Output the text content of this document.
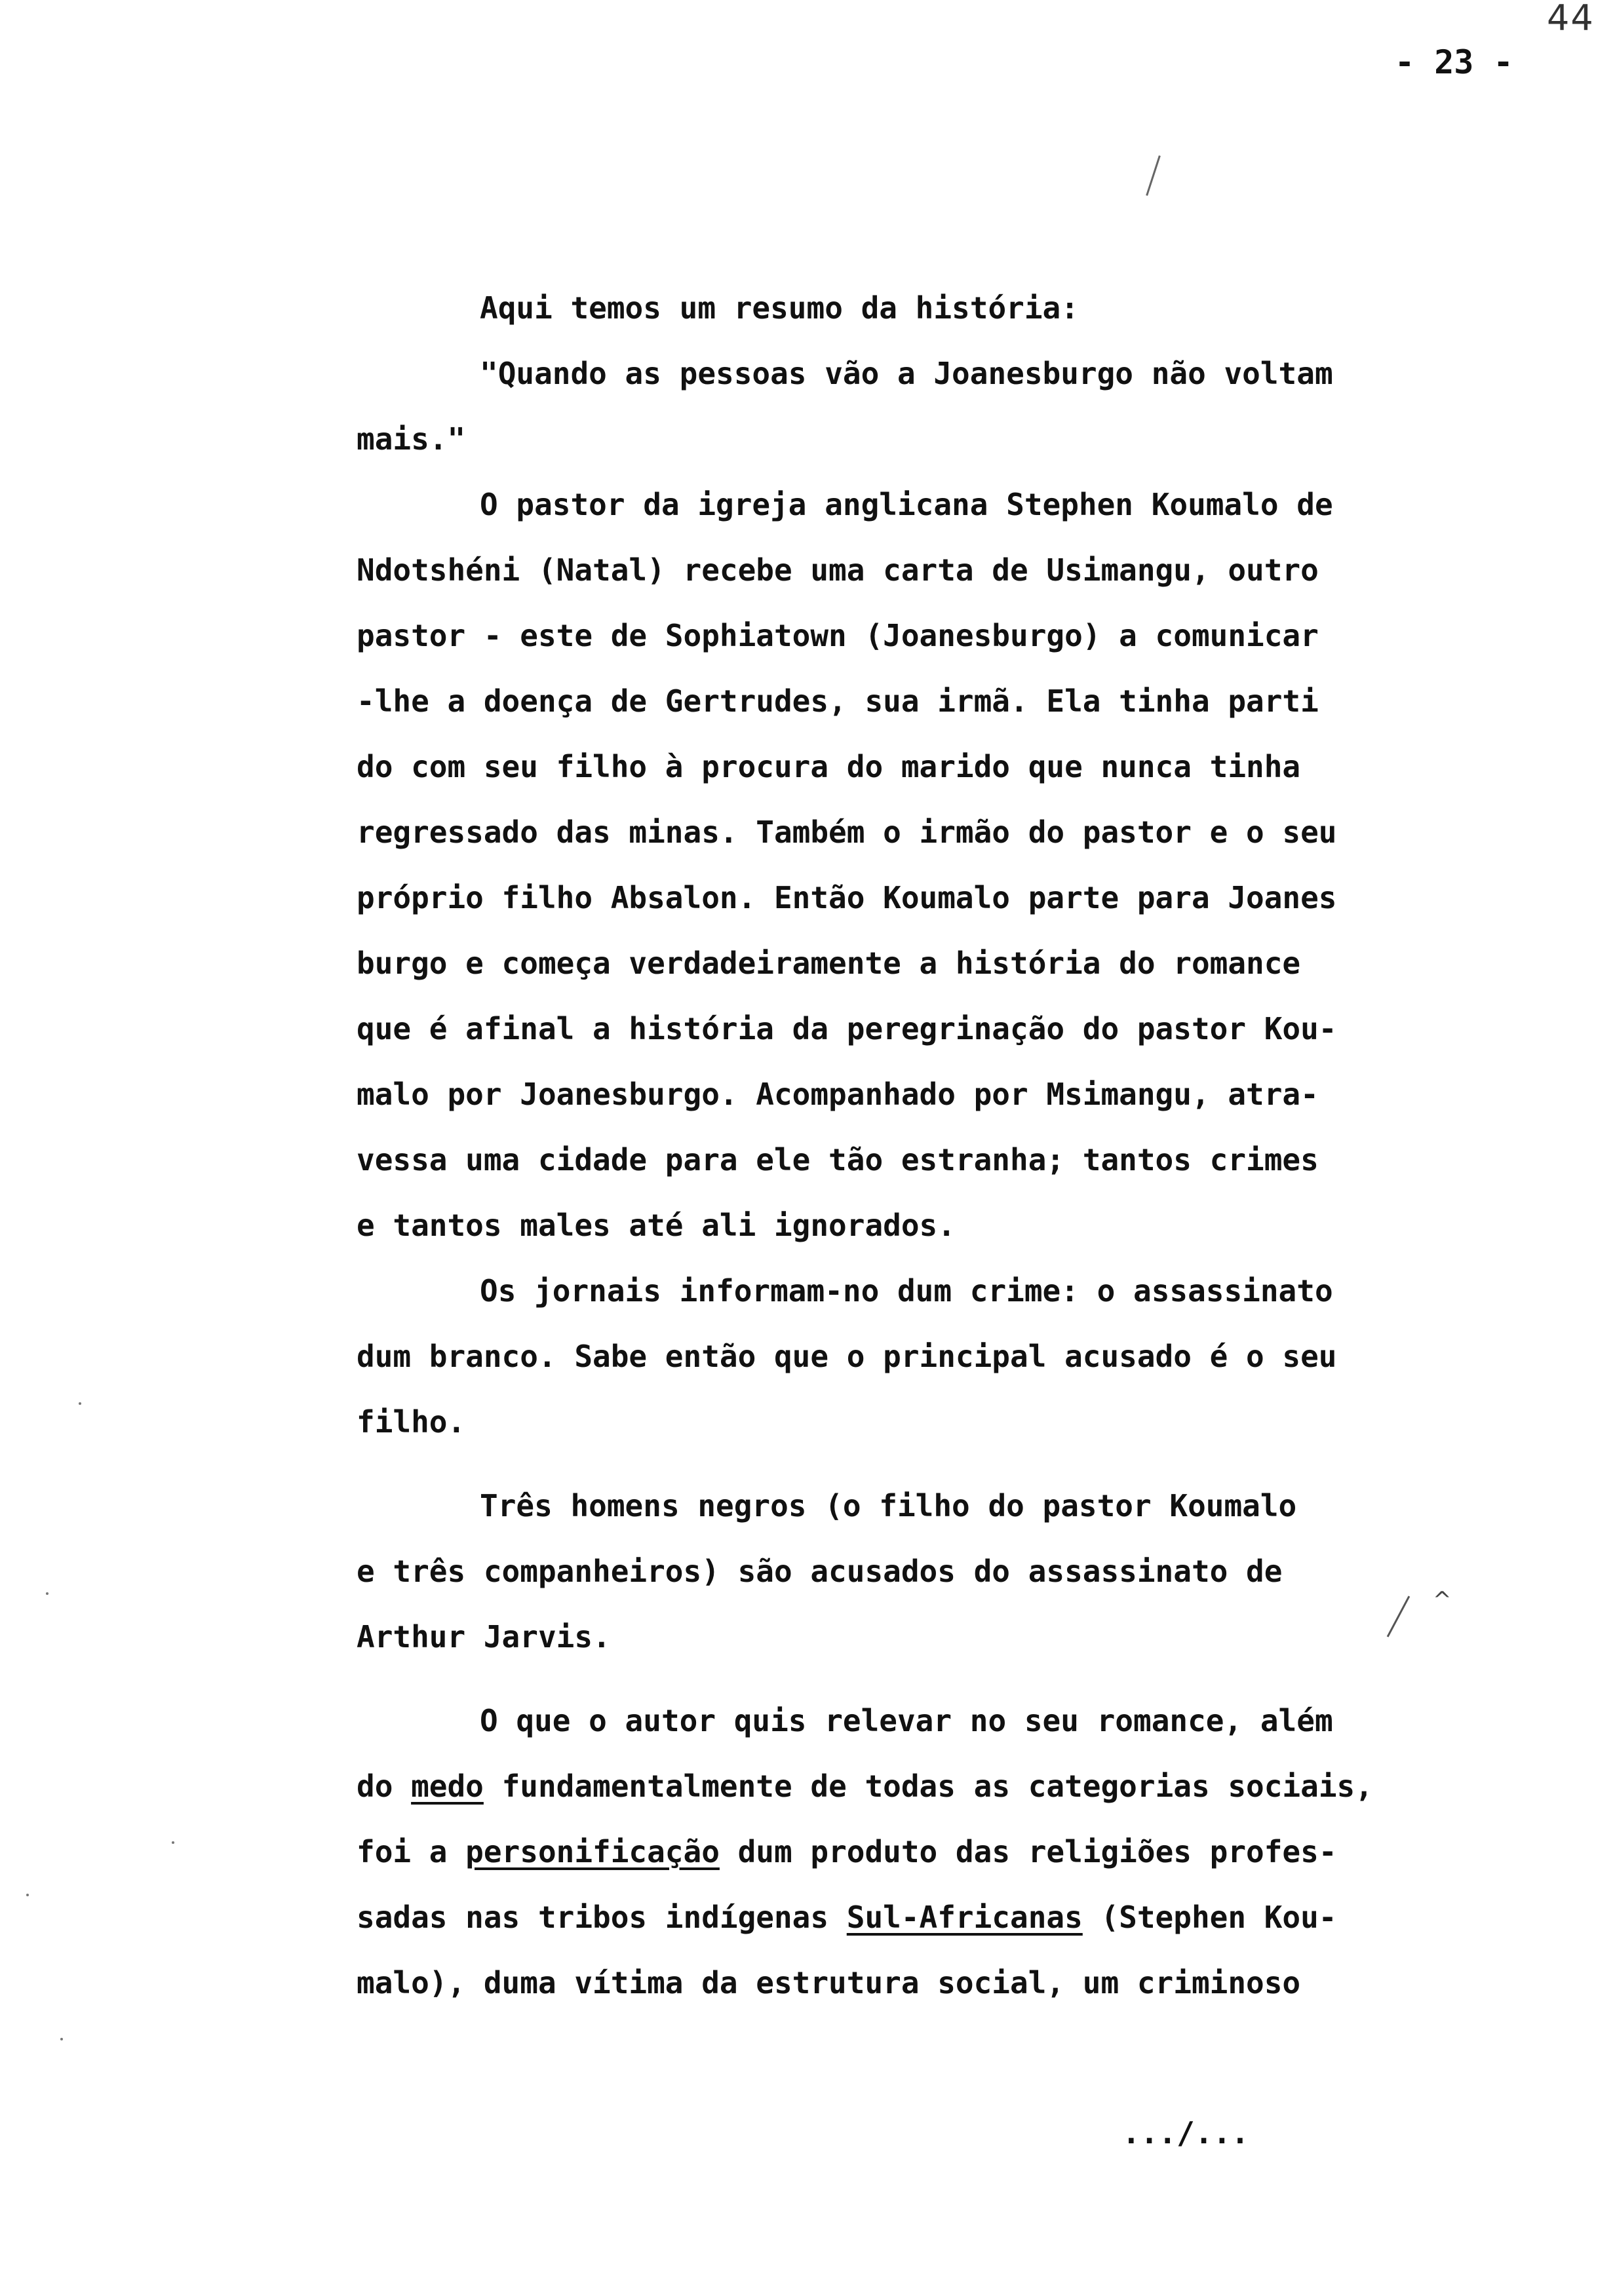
44
- 23 -
Aqui temos um resumo da história:
"Quando as pessoas vão a Joanesburgo não voltam
mais."
O pastor da igreja anglicana Stephen Koumalo de
Ndotshéni (Natal) recebe uma carta de Usimangu, outro
pastor - este de Sophiatown (Joanesburgo) a comunicar
-lhe a doença de Gertrudes, sua irmã. Ela tinha parti
do com seu filho à procura do marido que nunca tinha
regressado das minas. Também o irmão do pastor e o seu
próprio filho Absalon. Então Koumalo parte para Joanes
burgo e começa verdadeiramente a história do romance
que é afinal a história da peregrinação do pastor Kou-
malo por Joanesburgo. Acompanhado por Msimangu, atra-
vessa uma cidade para ele tão estranha; tantos crimes
e tantos males até ali ignorados.
Os jornais informam-no dum crime: o assassinato
dum branco. Sabe então que o principal acusado é o seu
filho.
Três homens negros (o filho do pastor Koumalo
e três companheiros) são acusados do assassinato de
Arthur Jarvis.
O que o autor quis relevar no seu romance, além
do medo fundamentalmente de todas as categorias sociais,
foi a personificação dum produto das religiões profes-
sadas nas tribos indígenas Sul-Africanas (Stephen Kou-
malo), duma vítima da estrutura social, um criminoso
^
.../...
